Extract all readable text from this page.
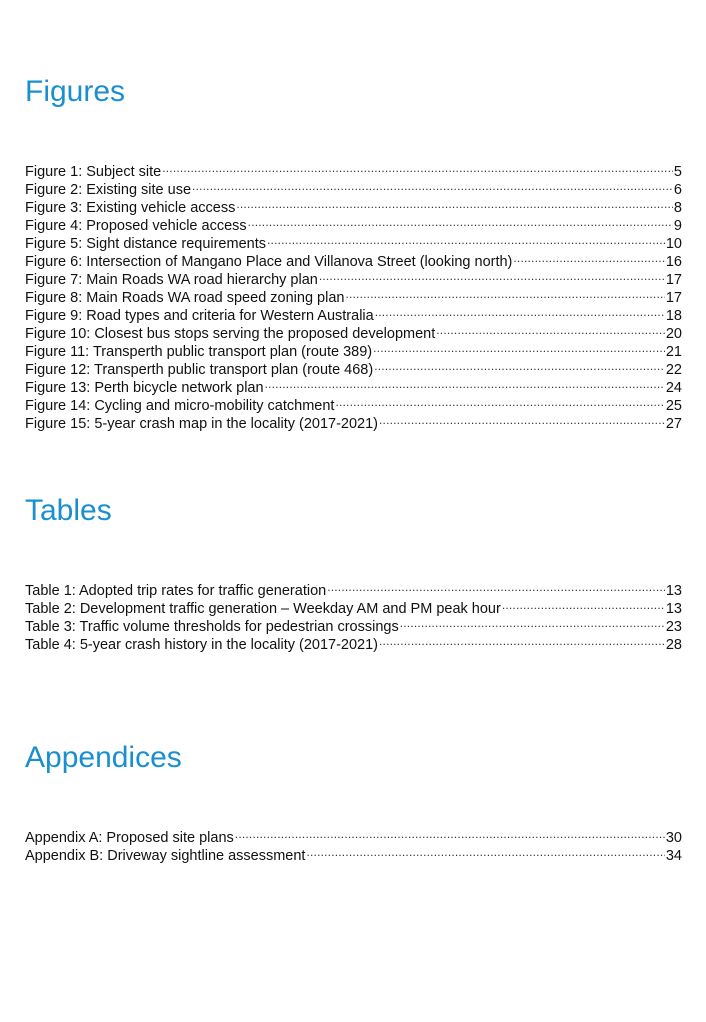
Figures
Figure 1: Subject site .....	5
Figure 2: Existing site use .....	6
Figure 3: Existing vehicle access .....	8
Figure 4: Proposed vehicle access .....	9
Figure 5: Sight distance requirements .....	10
Figure 6: Intersection of Mangano Place and Villanova Street (looking north) .....	16
Figure 7: Main Roads WA road hierarchy plan .....	17
Figure 8: Main Roads WA road speed zoning plan .....	17
Figure 9: Road types and criteria for Western Australia .....	18
Figure 10: Closest bus stops serving the proposed development .....	20
Figure 11: Transperth public transport plan (route 389) .....	21
Figure 12: Transperth public transport plan (route 468) .....	22
Figure 13: Perth bicycle network plan .....	24
Figure 14: Cycling and micro-mobility catchment .....	25
Figure 15: 5-year crash map in the locality (2017-2021) .....	27
Tables
Table 1: Adopted trip rates for traffic generation .....	13
Table 2: Development traffic generation – Weekday AM and PM peak hour .....	13
Table 3: Traffic volume thresholds for pedestrian crossings .....	23
Table 4: 5-year crash history in the locality (2017-2021) .....	28
Appendices
Appendix A: Proposed site plans .....	30
Appendix B: Driveway sightline assessment .....	34
